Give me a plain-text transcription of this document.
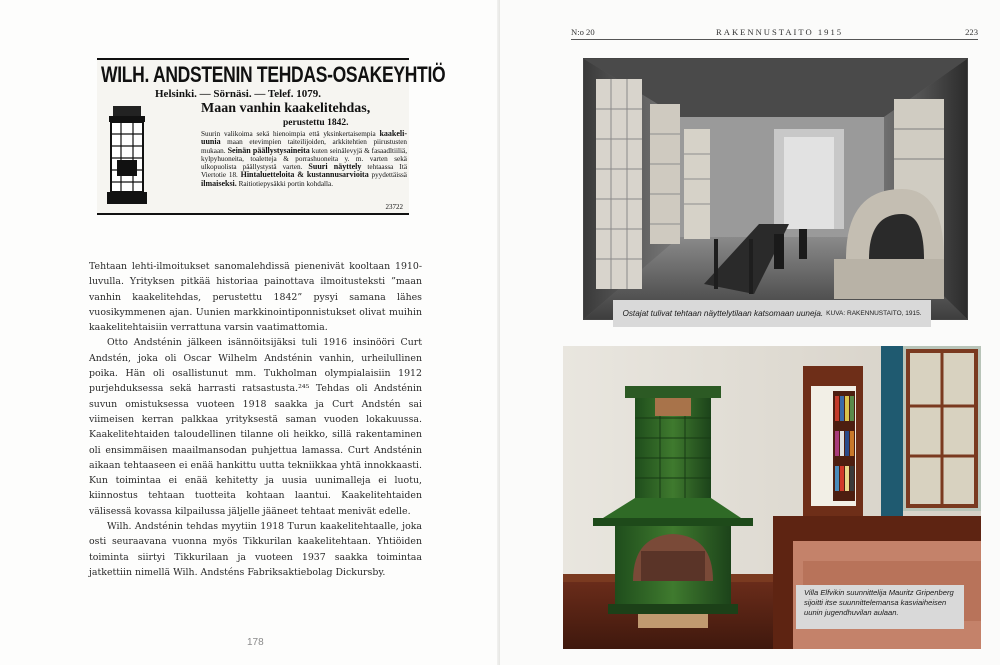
WILH. ANDSTENIN TEHDAS-OSAKEYHTIÖ
Helsinki. — Sörnäsi. — Telef. 1079.
Maan vanhin kaakelitehdas,
perustettu 1842.
Suurin valikoima sekä hienoimpia että yksinkertaisempia kaakeli-uunia maan etevimpien taiteilijoiden, arkkitehtien piirustusten mukaan. Seinän päällystysaineita kuten seinälevyjä & fasaadltiiliä, kylpyhuoneita, toaletteja & porrashuoneita y. m. varten sekä ulkopuolista päällystystä varten. Suuri näyttely tehtaassa Itä Viertotie 18. Hintaluetteloita & kustannusarvioita pyydettäissä ilmaiseksi. Raitiotiepysäkki portin kohdalla.
23722

Tehtaan lehti-ilmoitukset sanomalehdissä pienenivät kooltaan 1910-luvulla. Yrityksen pitkää historiaa painottava ilmoitusteksti ”maan vanhin kaakelitehdas, perustettu 1842” pysyi samana lähes vuosikymmenen ajan. Uunien markkinointiponnistukset olivat muihin kaakelitehtaisiin verrattuna varsin vaatimattomia.

Otto Andsténin jälkeen isännöitsijäksi tuli 1916 insinööri Curt Andstén, joka oli Oscar Wilhelm Andsténin vanhin, urheilullinen poika. Hän oli osallistunut mm. Tukholman olympialaisiin 1912 purjehduksessa sekä harrasti ratsastusta.²⁴⁵ Tehdas oli Andsténin suvun omistuksessa vuoteen 1918 saakka ja Curt Andstén sai viimeisen kerran palkkaa yrityksestä saman vuoden lokakuussa. Kaakelitehtaiden taloudellinen tilanne oli heikko, sillä rakentaminen oli ensimmäisen maailmansodan puhjettua lamassa. Curt Andsténin aikaan tehtaaseen ei enää hankittu uutta tekniikkaa yhtä innokkaasti. Kun toimintaa ei enää kehitetty ja uusia uunimalleja ei luotu, kiinnostus tehtaan tuotteita kohtaan laantui. Kaakelitehtaiden välisessä kovassa kilpailussa jäljelle jääneet tehtaat menivät edelle.

Wilh. Andsténin tehdas myytiin 1918 Turun kaakelitehtaalle, joka osti seuraavana vuonna myös Tikkurilan kaakelitehtaan. Yhtiöiden toiminta siirtyi Tikkurilaan ja vuoteen 1937 saakka toimintaa jatkettiin nimellä Wilh. Andsténs Fabriksaktiebolag Dickursby.

178
N:o 20	RAKENNUSTAITO 1915	223
Ostajat tulivat tehtaan näyttelytilaan katsomaan uuneja. KUVA: RAKENNUSTAITO, 1915.
Villa Elfvikin suunnittelija Mauritz Gripenberg sijoitti itse suunnittelemansa kasviaiheisen uunin jugendhuvilan aulaan.
